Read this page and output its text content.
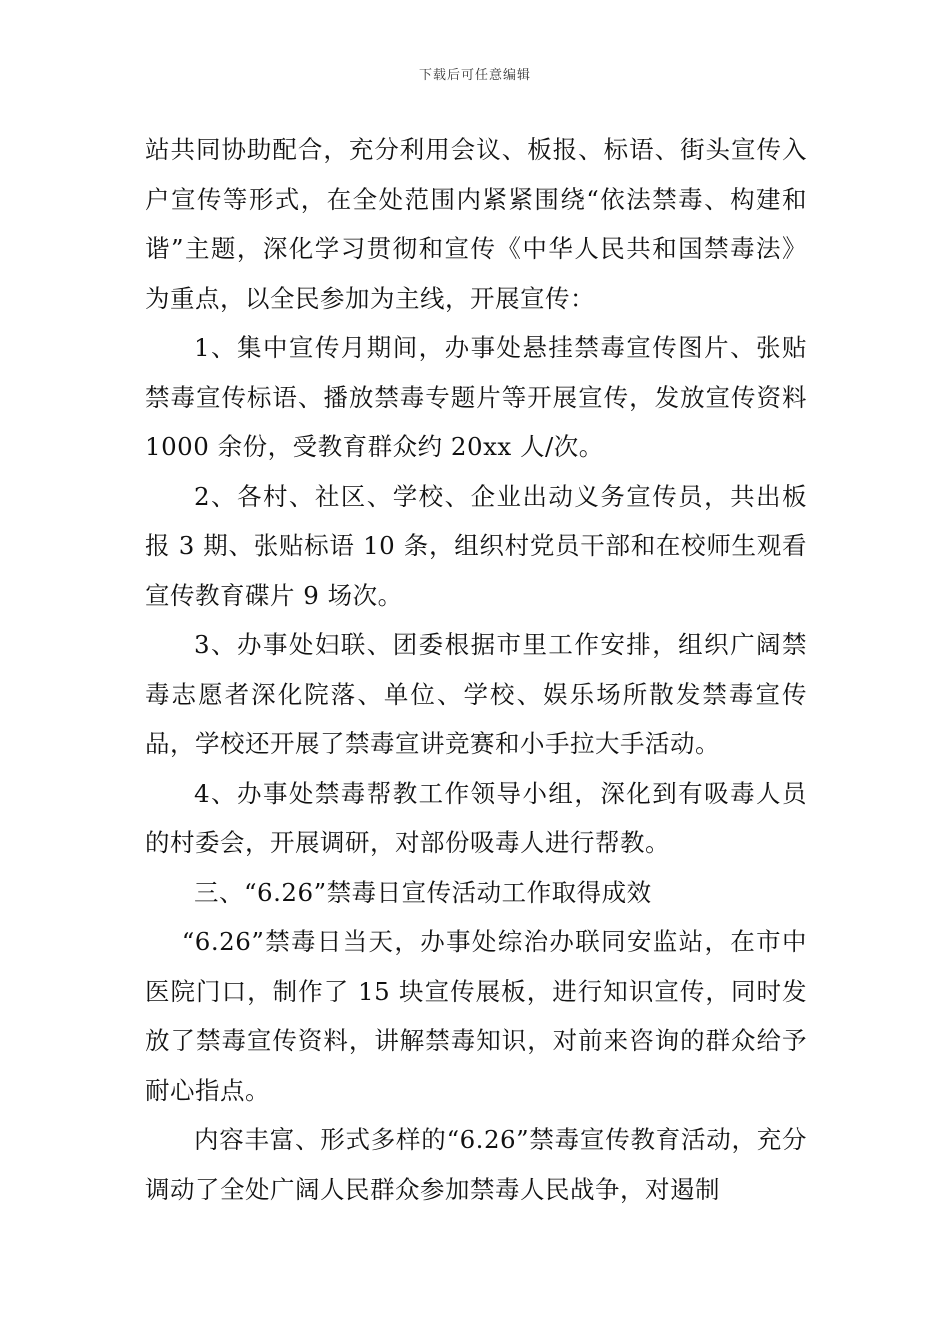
下载后可任意编辑

站共同协助配合，充分利用会议、板报、标语、街头宣传入户宣传等形式，在全处范围内紧紧围绕“依法禁毒、构建和谐”主题，深化学习贯彻和宣传《中华人民共和国禁毒法》为重点，以全民参加为主线，开展宣传：

1、集中宣传月期间，办事处悬挂禁毒宣传图片、张贴禁毒宣传标语、播放禁毒专题片等开展宣传，发放宣传资料 1000 余份，受教育群众约 20xx 人/次。

2、各村、社区、学校、企业出动义务宣传员，共出板报 3 期、张贴标语 10 条，组织村党员干部和在校师生观看宣传教育碟片 9 场次。

3、办事处妇联、团委根据市里工作安排，组织广阔禁毒志愿者深化院落、单位、学校、娱乐场所散发禁毒宣传品，学校还开展了禁毒宣讲竞赛和小手拉大手活动。

4、办事处禁毒帮教工作领导小组，深化到有吸毒人员的村委会，开展调研，对部份吸毒人进行帮教。

三、“6.26”禁毒日宣传活动工作取得成效

“6.26”禁毒日当天，办事处综治办联同安监站，在市中医院门口，制作了 15 块宣传展板，进行知识宣传，同时发放了禁毒宣传资料，讲解禁毒知识，对前来咨询的群众给予耐心指点。

内容丰富、形式多样的“6.26”禁毒宣传教育活动，充分调动了全处广阔人民群众参加禁毒人民战争，对遏制
